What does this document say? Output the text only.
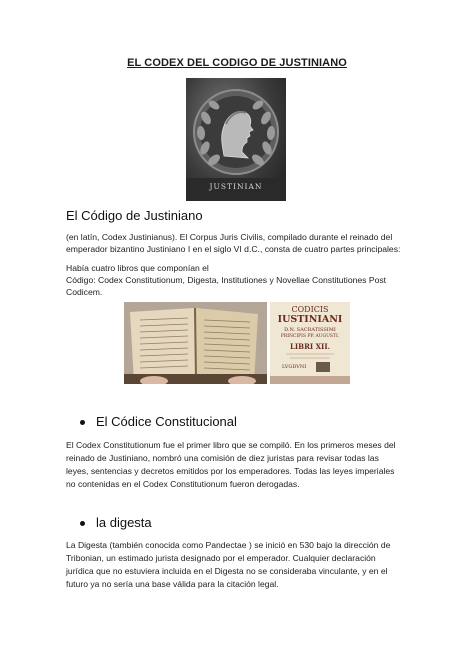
EL CODEX DEL CODIGO DE JUSTINIANO
JUSTINIAN
El Código de Justiniano

(en latín, Codex Justinianus). El Corpus Juris Civilis, compilado durante el reinado del

emperador bizantino Justiniano I en el siglo VI d.C., consta de cuatro partes principales:

Había cuatro libros que componían el

Código: Codex Constitutionum, Digesta, Institutiones y Novellae Constitutiones Post

Codicem.

CODICIS
IUSTINIANI
D.N. SACRATISSIMI
PRINCIPIS PP. AUGUSTI,
LIBRI XII.
LVGDVNI
El Códice Constitucional

El Codex Constitutionum fue el primer libro que se compiló. En los primeros meses del

reinado de Justiniano, nombró una comisión de diez juristas para revisar todas las

leyes, sentencias y decretos emitidos por los emperadores. Todas las leyes imperiales

no contenidas en el Codex Constitutionum fueron derogadas.

la digesta

La Digesta (también conocida como Pandectae ) se inició en 530 bajo la dirección de

Tribonian, un estimado jurista designado por el emperador. Cualquier declaración

jurídica que no estuviera incluida en el Digesta no se consideraba vinculante, y en el

futuro ya no sería una base válida para la citación legal.
